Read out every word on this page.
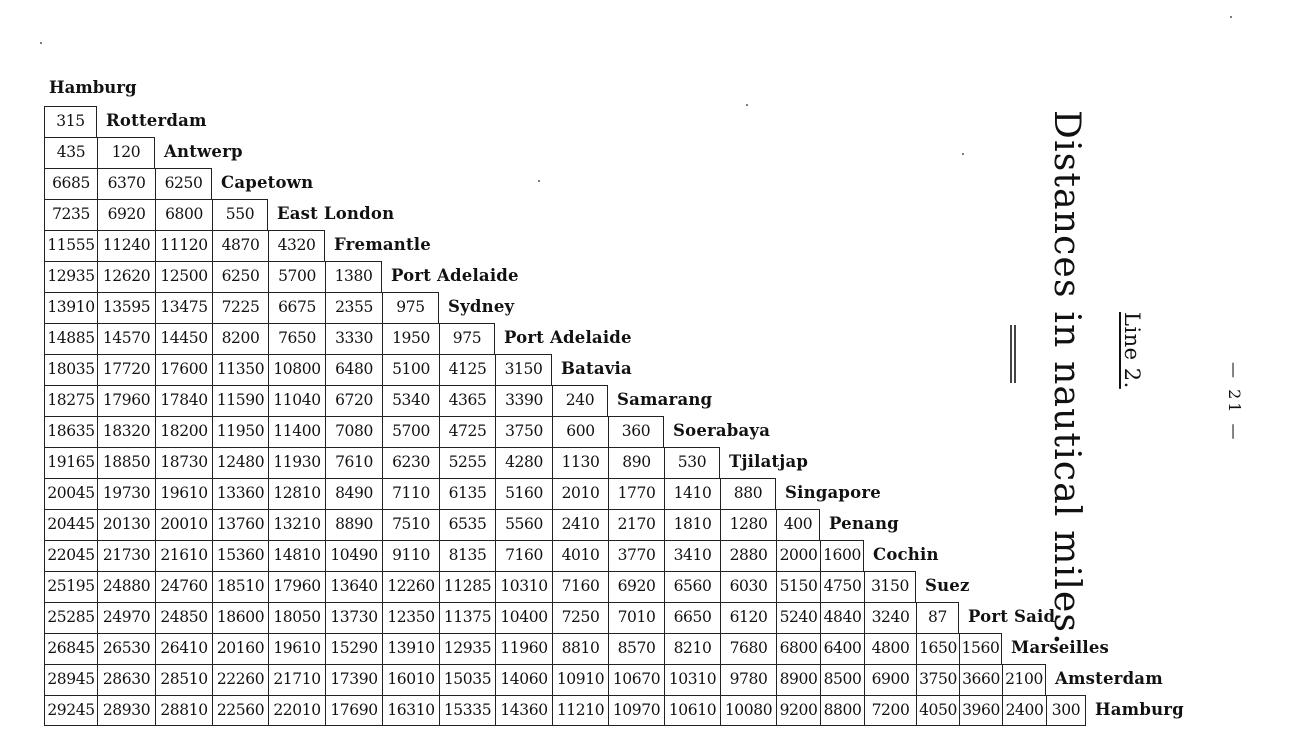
Hamburg
315	Rotterdam
435	120	Antwerp
6685	6370	6250	Capetown
7235	6920	6800	550	East London
11555 11240 11120 4870	4320	Fremantle
12935 12620 12500 6250	5700	1380	Port Adelaide
13910 13595 13475 7225	6675	2355	975	Sydney
14885 14570 14450 8200	7650	3330	1950	975	Port Adelaide
18035 17720 17600 11350 10800 6480	5100	4125	3150	Batavia
18275 17960 17840 11590 11040 6720	5340	4365	3390	240	Samarang
18635 18320 18200 11950 11400 7080	5700	4725	3750	600	360	Soerabaya
19165 18850 18730 12480 11930 7610	6230	5255	4280	1130	890	530	Tjilatjap
20045 19730 19610 13360 12810 8490	7110	6135	5160	2010	1770	1410	880	Singapore
20445 20130 20010 13760 13210 8890	7510	6535	5560	2410	2170	1810	1280	400	Penang
22045 21730 21610 15360 14810 10490 9110	8135	7160	4010	3770	3410	2880 2000 1600 Cochin
25195 24880 24760 18510 17960 13640 12260 11285 10310 7160	6920	6560	6030 5150 4750 3150 Suez
25285 24970 24850 18600 18050 13730 12350 11375 10400 7250	7010	6650	6120 5240 4840 3240	87	Port Said
26845 26530 26410 20160 19610 15290 13910 12935 11960 8810	8570	8210	7680 6800 6400 4800 1650 1560 Marseilles
28945 28630 28510 22260 21710 17390 16010 15035 14060 10910 10670 10310 9780 8900 8500 6900 3750 3660 2100 Amsterdam
29245 28930 28810 22560 22010 17690 16310 15335 14360 11210 10970 10610 10080 9200 8800 7200 4050 3960 2400 300 Hamburg
Distances in nautical miles. Line 2.
— 21 —
